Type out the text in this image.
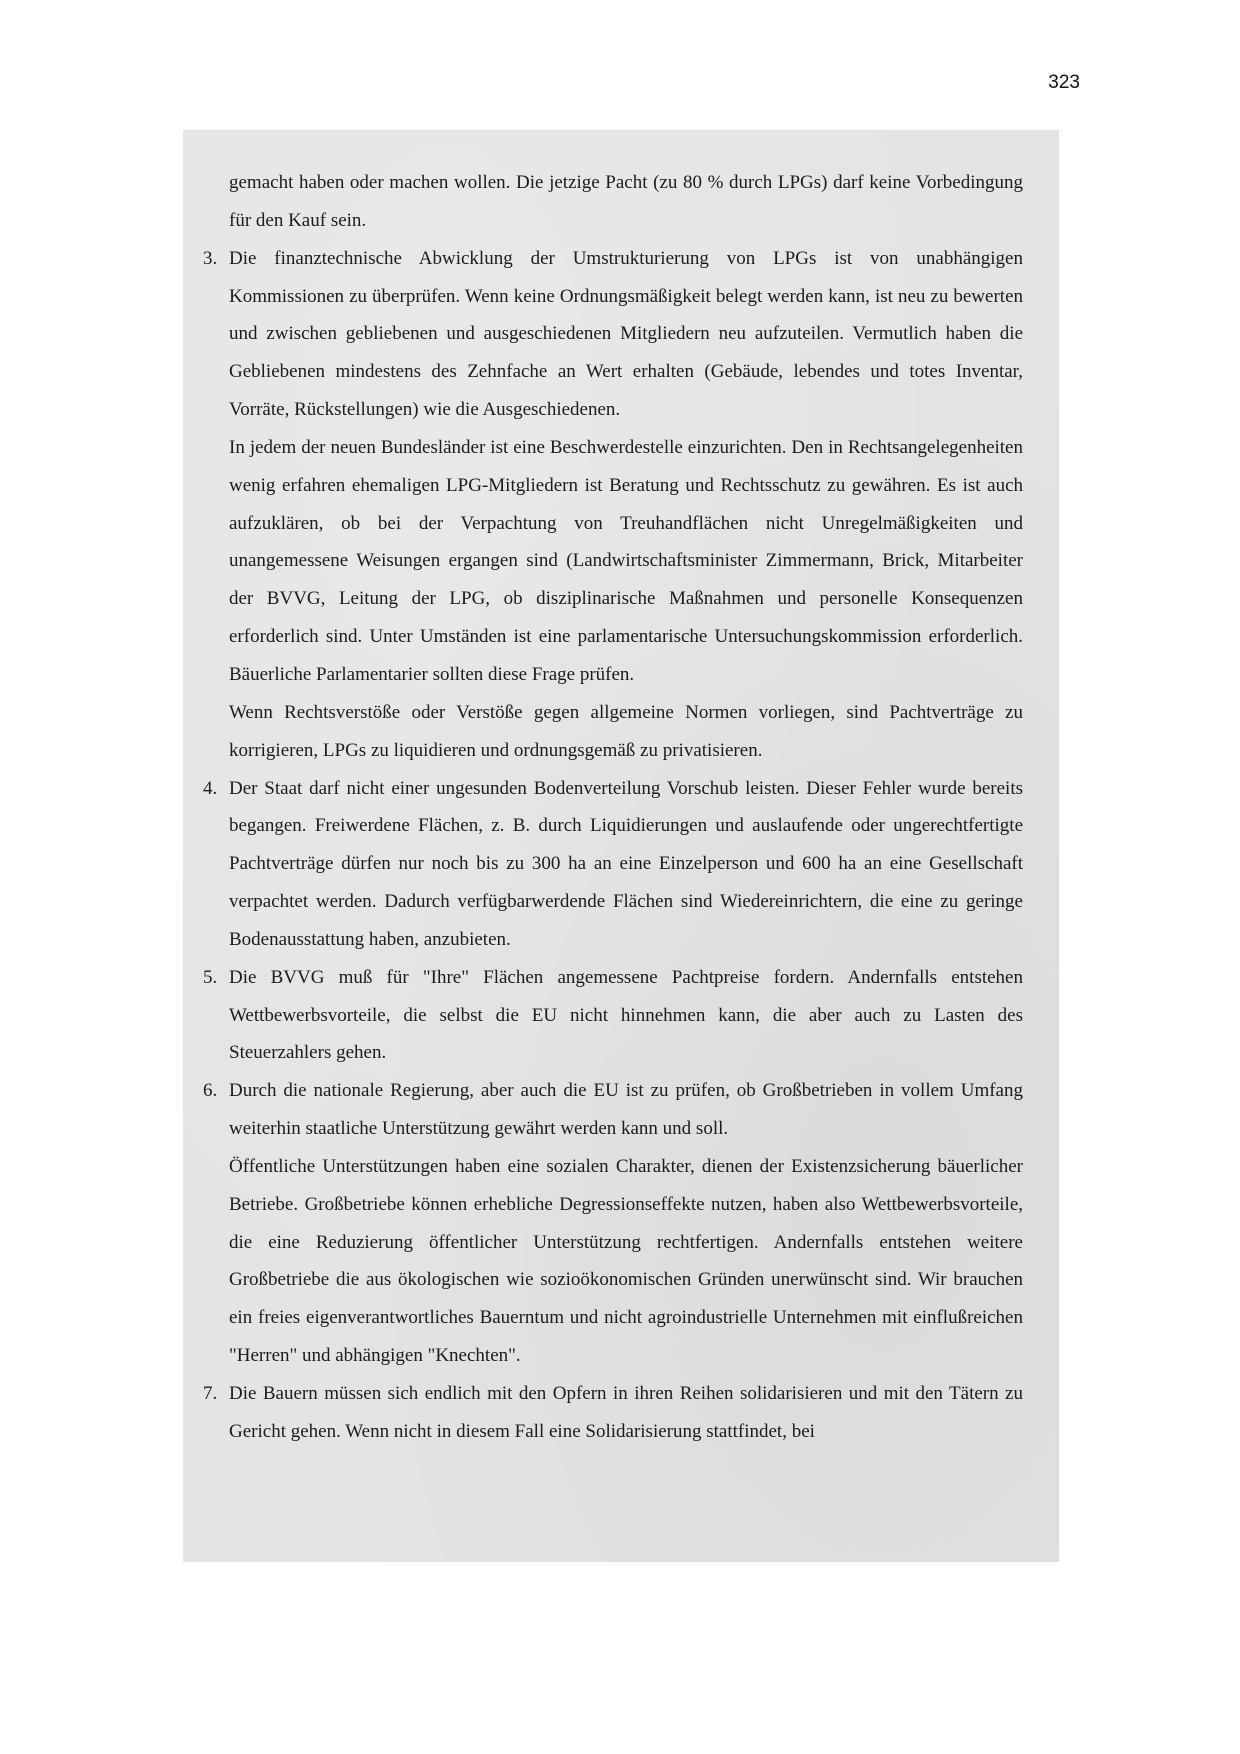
323

gemacht haben oder machen wollen. Die jetzige Pacht (zu 80 % durch LPGs) darf keine Vorbedingung für den Kauf sein.

3. Die finanztechnische Abwicklung der Umstrukturierung von LPGs ist von unabhängigen Kommissionen zu überprüfen. Wenn keine Ordnungsmäßigkeit belegt werden kann, ist neu zu bewerten und zwischen gebliebenen und ausgeschiedenen Mitgliedern neu aufzuteilen. Vermutlich haben die Gebliebenen mindestens des Zehnfache an Wert erhalten (Gebäude, lebendes und totes Inventar, Vorräte, Rückstellungen) wie die Ausgeschiedenen.

In jedem der neuen Bundesländer ist eine Beschwerdestelle einzurichten. Den in Rechtsangelegenheiten wenig erfahren ehemaligen LPG-Mitgliedern ist Beratung und Rechtsschutz zu gewähren. Es ist auch aufzuklären, ob bei der Verpachtung von Treuhandflächen nicht Unregelmäßigkeiten und unangemessene Weisungen ergangen sind (Landwirtschaftsminister Zimmermann, Brick, Mitarbeiter der BVVG, Leitung der LPG, ob disziplinarische Maßnahmen und personelle Konsequenzen erforderlich sind. Unter Umständen ist eine parlamentarische Untersuchungskommission erforderlich. Bäuerliche Parlamentarier sollten diese Frage prüfen.

Wenn Rechtsverstöße oder Verstöße gegen allgemeine Normen vorliegen, sind Pachtverträge zu korrigieren, LPGs zu liquidieren und ordnungsgemäß zu privatisieren.

4. Der Staat darf nicht einer ungesunden Bodenverteilung Vorschub leisten. Dieser Fehler wurde bereits begangen. Freiwerdene Flächen, z. B. durch Liquidierungen und auslaufende oder ungerechtfertigte Pachtverträge dürfen nur noch bis zu 300 ha an eine Einzelperson und 600 ha an eine Gesellschaft verpachtet werden. Dadurch verfügbarwerdende Flächen sind Wiedereinrichtern, die eine zu geringe Bodenausstattung haben, anzubieten.

5. Die BVVG muß für "Ihre" Flächen angemessene Pachtpreise fordern. Andernfalls entstehen Wettbewerbsvorteile, die selbst die EU nicht hinnehmen kann, die aber auch zu Lasten des Steuerzahlers gehen.

6. Durch die nationale Regierung, aber auch die EU ist zu prüfen, ob Großbetrieben in vollem Umfang weiterhin staatliche Unterstützung gewährt werden kann und soll.

Öffentliche Unterstützungen haben eine sozialen Charakter, dienen der Existenzsicherung bäuerlicher Betriebe. Großbetriebe können erhebliche Degressionseffekte nutzen, haben also Wettbewerbsvorteile, die eine Reduzierung öffentlicher Unterstützung rechtfertigen. Andernfalls entstehen weitere Großbetriebe die aus ökologischen wie sozioökonomischen Gründen unerwünscht sind. Wir brauchen ein freies eigenverantwortliches Bauerntum und nicht agroindustrielle Unternehmen mit einflußreichen "Herren" und abhängigen "Knechten".

7. Die Bauern müssen sich endlich mit den Opfern in ihren Reihen solidarisieren und mit den Tätern zu Gericht gehen. Wenn nicht in diesem Fall eine Solidarisierung stattfindet, bei
